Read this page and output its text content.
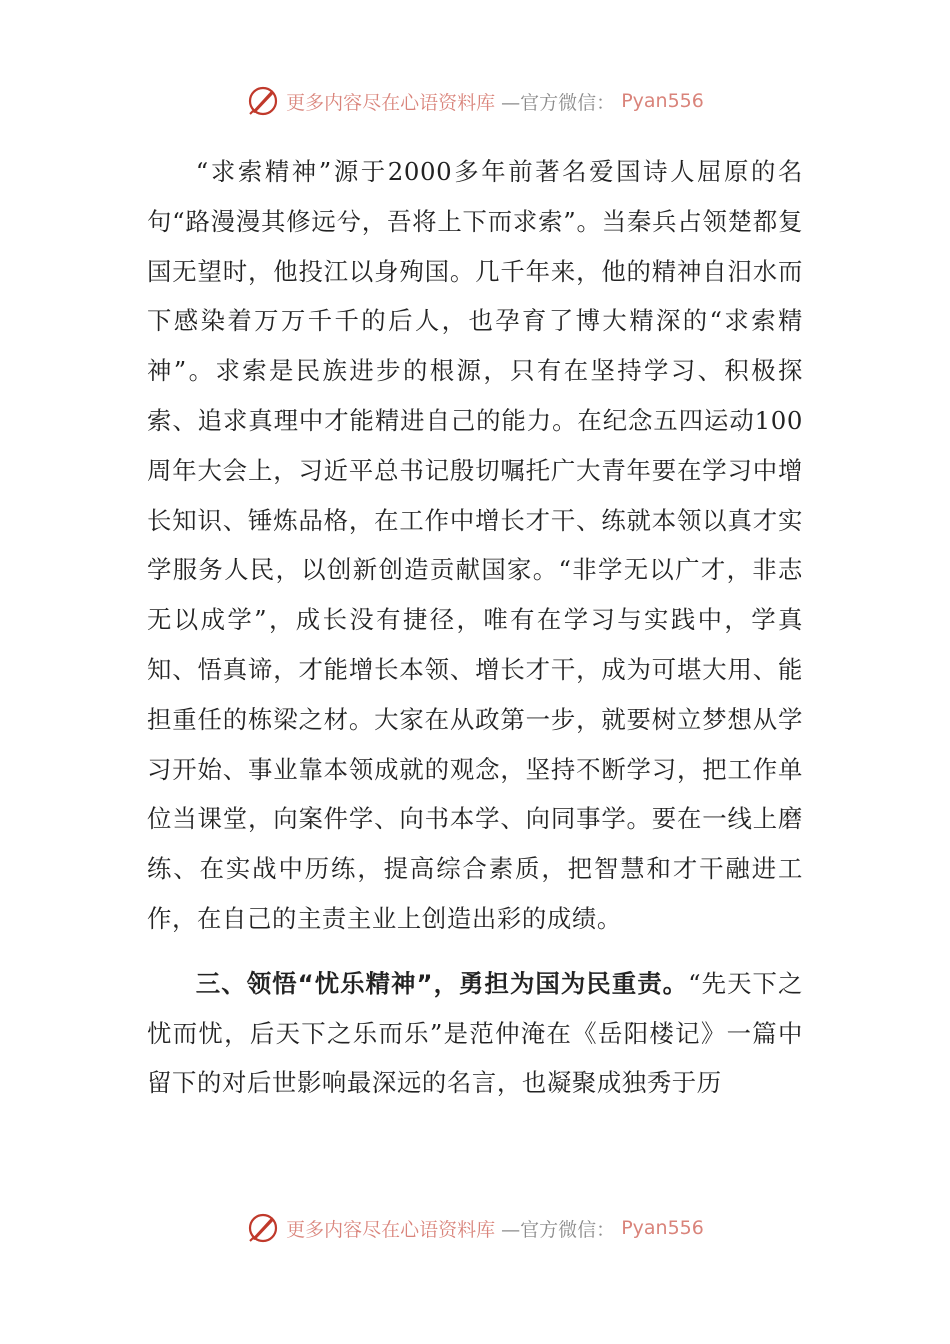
更多内容尽在心语资料库 —官方微信： Pyan556

“求索精神”源于2000多年前著名爱国诗人屈原的名句“路漫漫其修远兮，吾将上下而求索”。当秦兵占领楚都复国无望时，他投江以身殉国。几千年来，他的精神自汨水而下感染着万万千千的后人，也孕育了博大精深的“求索精神”。求索是民族进步的根源，只有在坚持学习、积极探索、追求真理中才能精进自己的能力。在纪念五四运动100周年大会上，习近平总书记殷切嘱托广大青年要在学习中增长知识、锤炼品格，在工作中增长才干、练就本领以真才实学服务人民，以创新创造贡献国家。“非学无以广才，非志无以成学”，成长没有捷径，唯有在学习与实践中，学真知、悟真谛，才能增长本领、增长才干，成为可堪大用、能担重任的栋梁之材。大家在从政第一步，就要树立梦想从学习开始、事业靠本领成就的观念，坚持不断学习，把工作单位当课堂，向案件学、向书本学、向同事学。要在一线上磨练、在实战中历练，提高综合素质，把智慧和才干融进工作，在自己的主责主业上创造出彩的成绩。

三、领悟“忧乐精神”，勇担为国为民重责。“先天下之忧而忧，后天下之乐而乐”是范仲淹在《岳阳楼记》一篇中留下的对后世影响最深远的名言，也凝聚成独秀于历

更多内容尽在心语资料库 —官方微信： Pyan556
